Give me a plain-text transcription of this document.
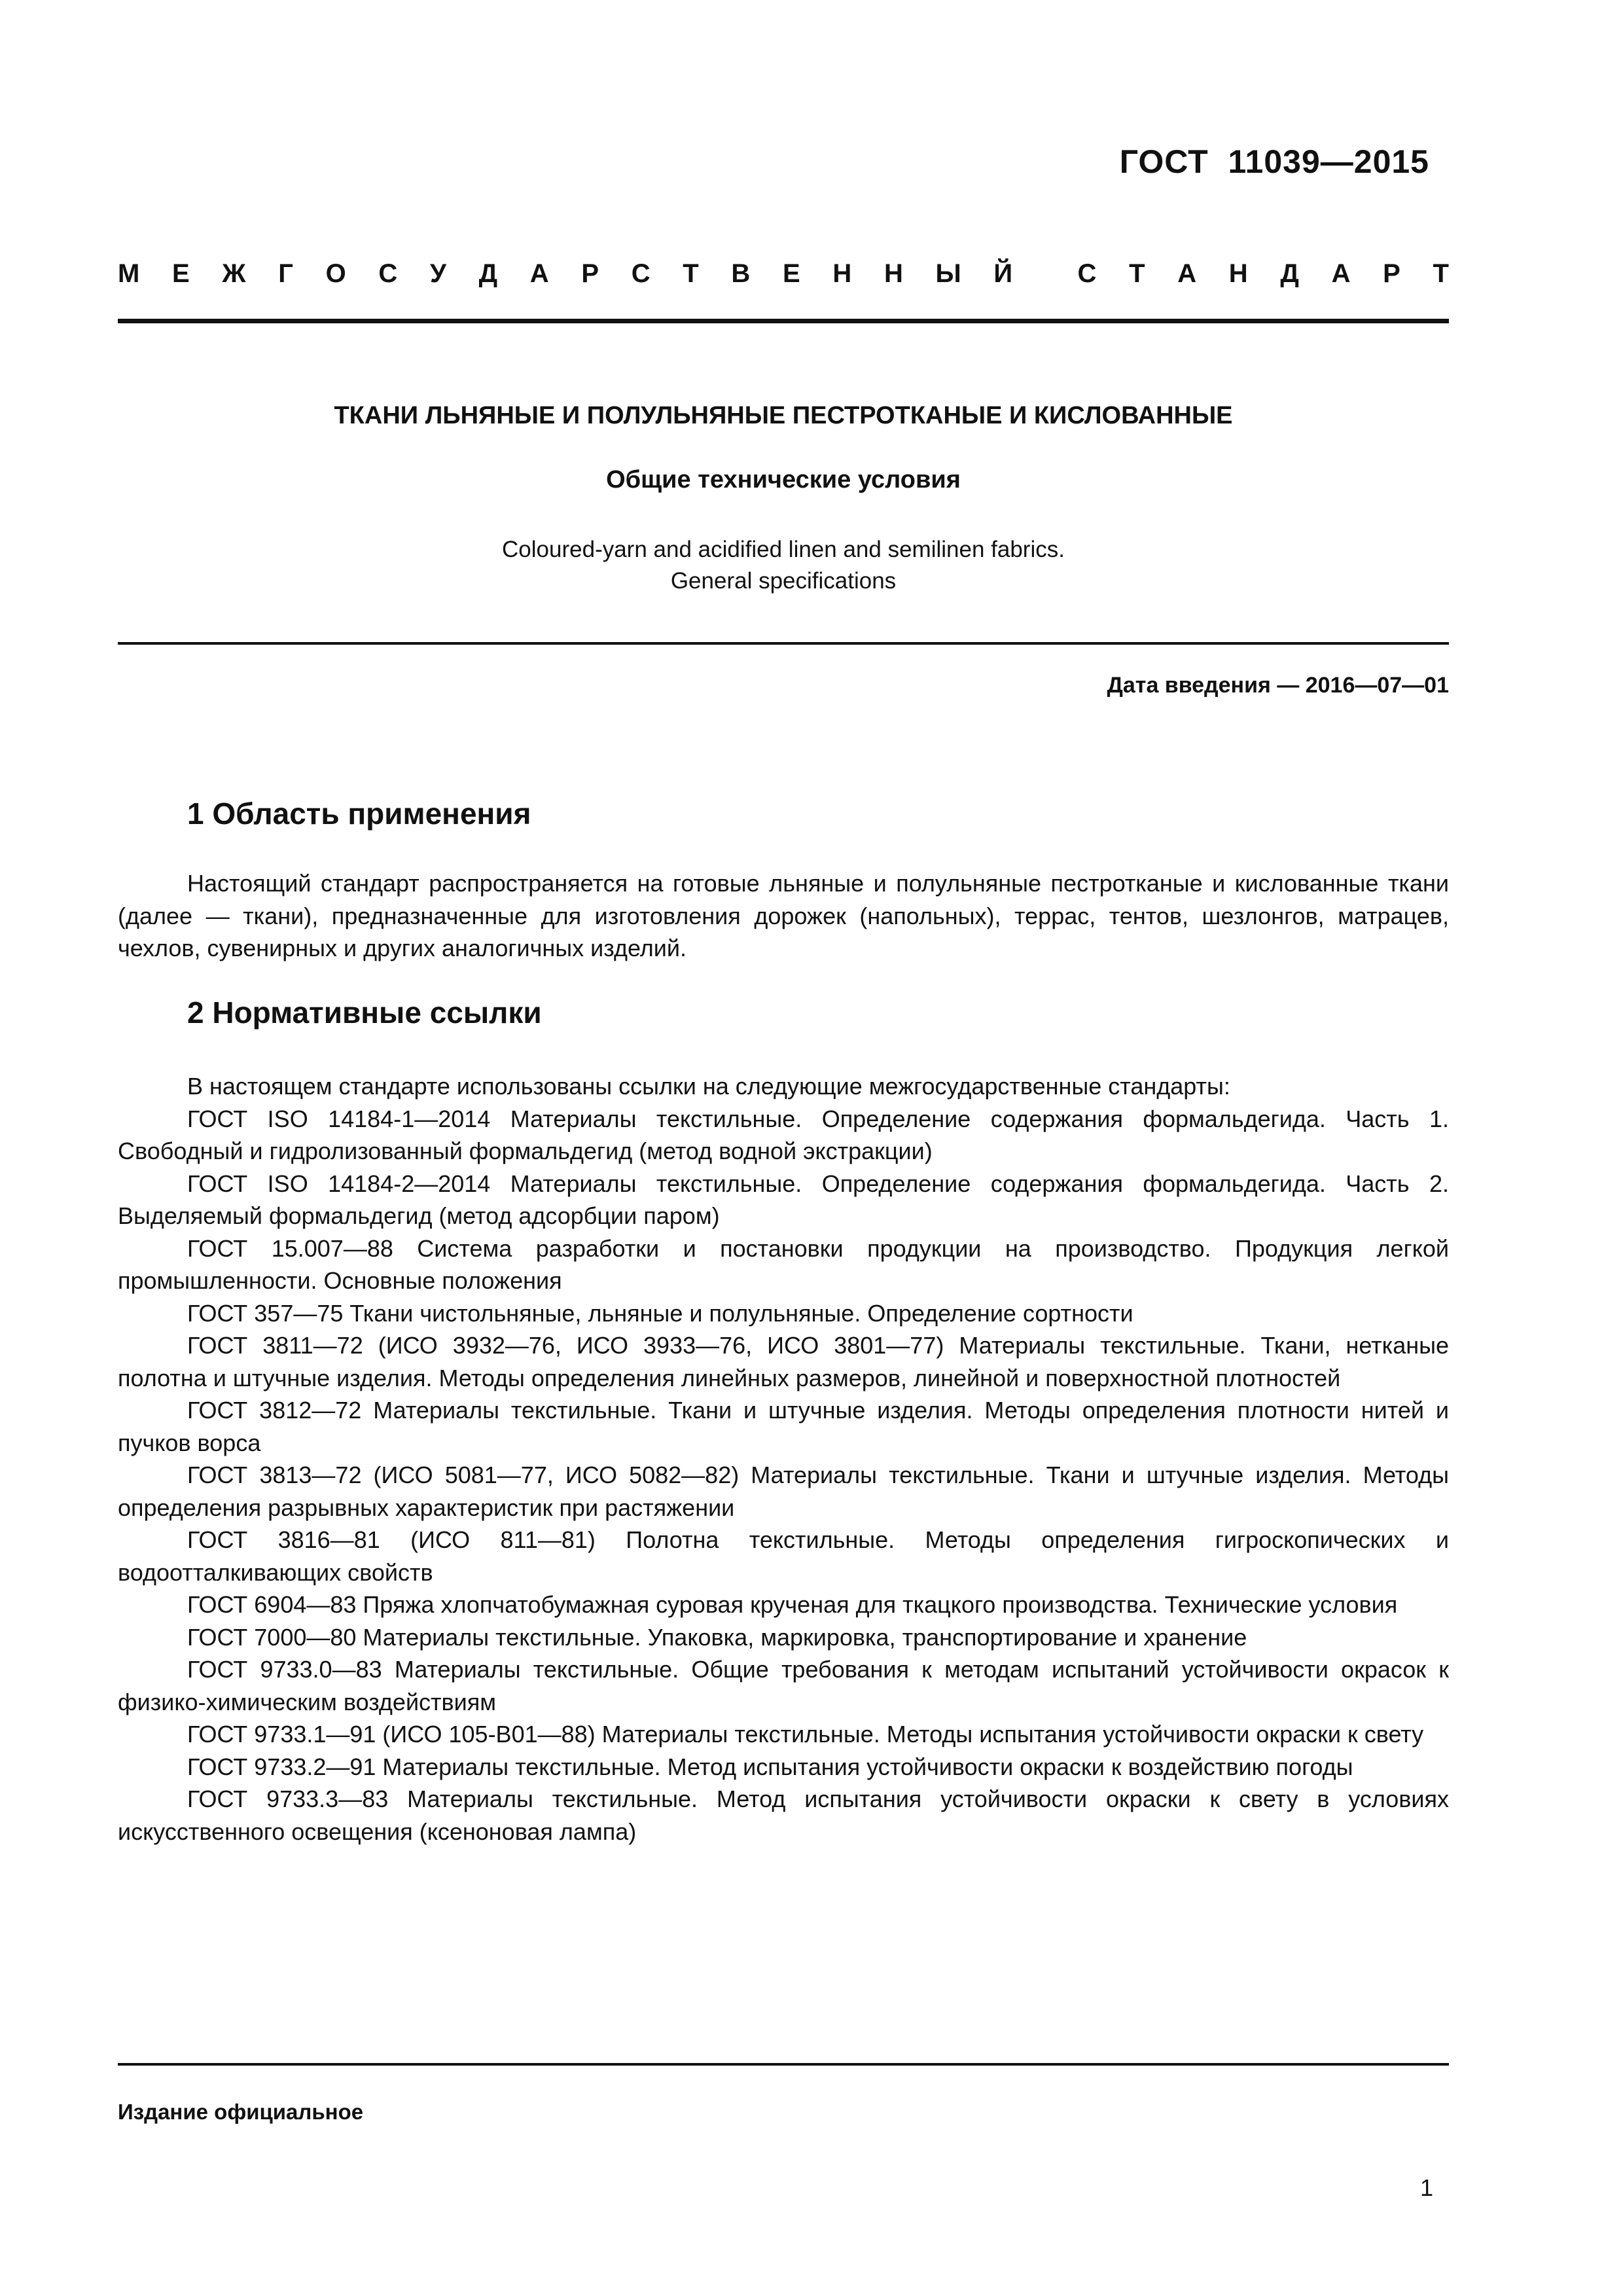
ГОСТ  11039—2015
М Е Ж Г О С У Д А Р С Т В Е Н Н Ы Й С Т А Н Д А Р Т
ТКАНИ ЛЬНЯНЫЕ И ПОЛУЛЬНЯНЫЕ ПЕСТРОТКАНЫЕ И КИСЛОВАННЫЕ
Общие технические условия
Coloured-yarn and acidified linen and semilinen fabrics.
General specifications
Дата введения — 2016—07—01
1 Область применения
Настоящий стандарт распространяется на готовые льняные и полульняные пестротканые и кислованные ткани (далее — ткани), предназначенные для изготовления дорожек (напольных), террас, тентов, шезлонгов, матрацев, чехлов, сувенирных и других аналогичных изделий.
2 Нормативные ссылки
В настоящем стандарте использованы ссылки на следующие межгосударственные стандарты:
ГОСТ ISO 14184-1—2014 Материалы текстильные. Определение содержания формальдегида. Часть 1. Свободный и гидролизованный формальдегид (метод водной экстракции)
ГОСТ ISO 14184-2—2014 Материалы текстильные. Определение содержания формальдегида. Часть 2. Выделяемый формальдегид (метод адсорбции паром)
ГОСТ 15.007—88 Система разработки и постановки продукции на производство. Продукция легкой промышленности. Основные положения
ГОСТ 357—75 Ткани чистольняные, льняные и полульняные. Определение сортности
ГОСТ 3811—72 (ИСО 3932—76, ИСО 3933—76, ИСО 3801—77) Материалы текстильные. Ткани, нетканые полотна и штучные изделия. Методы определения линейных размеров, линейной и поверхностной плотностей
ГОСТ 3812—72 Материалы текстильные. Ткани и штучные изделия. Методы определения плотности нитей и пучков ворса
ГОСТ 3813—72 (ИСО 5081—77, ИСО 5082—82) Материалы текстильные. Ткани и штучные изделия. Методы определения разрывных характеристик при растяжении
ГОСТ 3816—81 (ИСО 811—81) Полотна текстильные. Методы определения гигроскопических и водоотталкивающих свойств
ГОСТ 6904—83 Пряжа хлопчатобумажная суровая крученая для ткацкого производства. Технические условия
ГОСТ 7000—80 Материалы текстильные. Упаковка, маркировка, транспортирование и хранение
ГОСТ 9733.0—83 Материалы текстильные. Общие требования к методам испытаний устойчивости окрасок к физико-химическим воздействиям
ГОСТ 9733.1—91 (ИСО 105-В01—88) Материалы текстильные. Методы испытания устойчивости окраски к свету
ГОСТ 9733.2—91 Материалы текстильные. Метод испытания устойчивости окраски к воздействию погоды
ГОСТ 9733.3—83 Материалы текстильные. Метод испытания устойчивости окраски к свету в условиях искусственного освещения (ксеноновая лампа)
Издание официальное
1
